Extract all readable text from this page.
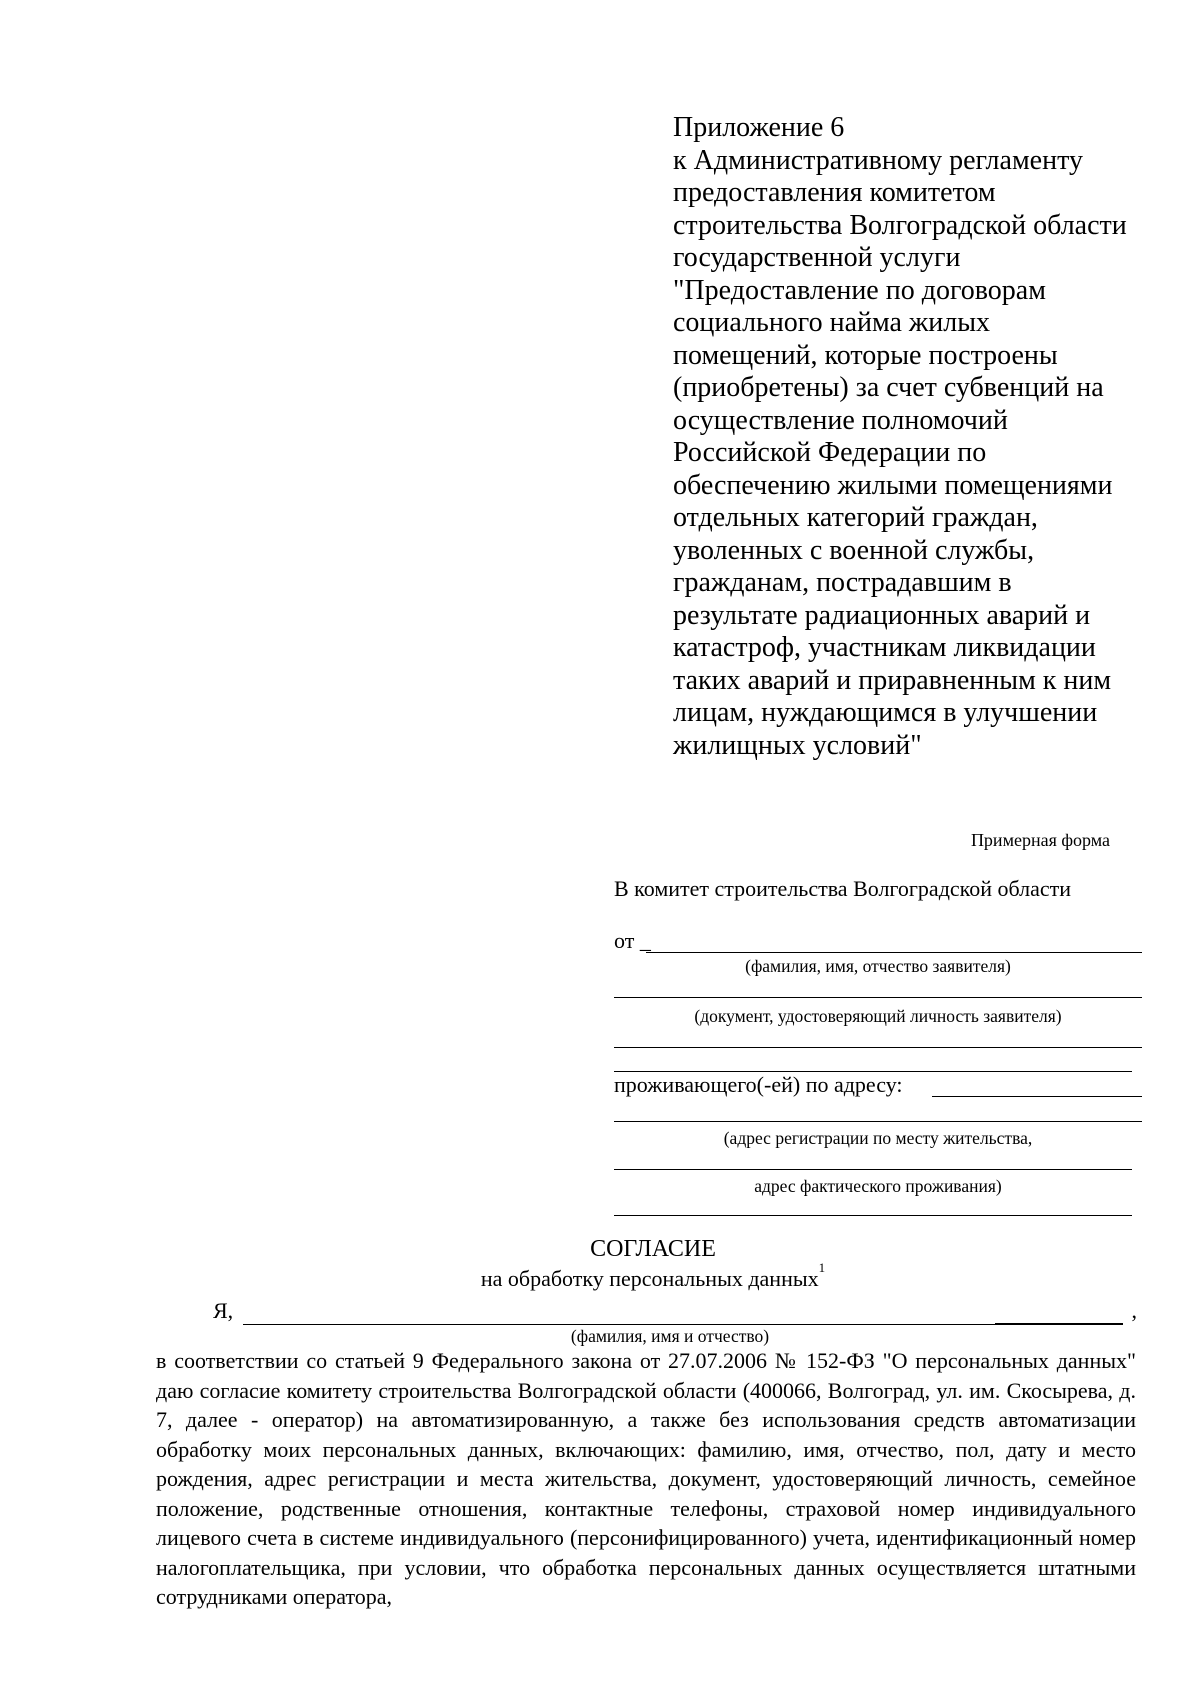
Приложение 6
к Административному регламенту
предоставления комитетом
строительства Волгоградской области
государственной услуги
"Предоставление по договорам
социального найма жилых
помещений, которые построены
(приобретены) за счет субвенций на
осуществление полномочий
Российской Федерации по
обеспечению жилыми помещениями
отдельных категорий граждан,
уволенных с военной службы,
гражданам, пострадавшим в
результате радиационных аварий и
катастроф, участникам ликвидации
таких аварий и приравненным к ним
лицам, нуждающимся в улучшении
жилищных условий"
Примерная форма
В комитет строительства Волгоградской области
от _
(фамилия, имя, отчество заявителя)
(документ, удостоверяющий личность заявителя)
проживающего(-ей) по адресу:
(адрес регистрации по месту жительства,
адрес фактического проживания)
СОГЛАСИЕ
на обработку персональных данных$^1$
Я,	,
(фамилия, имя и отчество)
в соответствии со статьей 9 Федерального закона от 27.07.2006 № 152-ФЗ "О персональных данных" даю согласие комитету строительства Волгоградской области (400066, Волгоград, ул. им. Скосырева, д. 7, далее - оператор) на автоматизированную, а также без использования средств автоматизации обработку моих персональных данных, включающих: фамилию, имя, отчество, пол, дату и место рождения, адрес регистрации и места жительства, документ, удостоверяющий личность, семейное положение, родственные отношения, контактные телефоны, страховой номер индивидуального лицевого счета в системе индивидуального (персонифицированного) учета, идентификационный номер налогоплательщика, при условии, что обработка персональных данных осуществляется штатными сотрудниками оператора,
